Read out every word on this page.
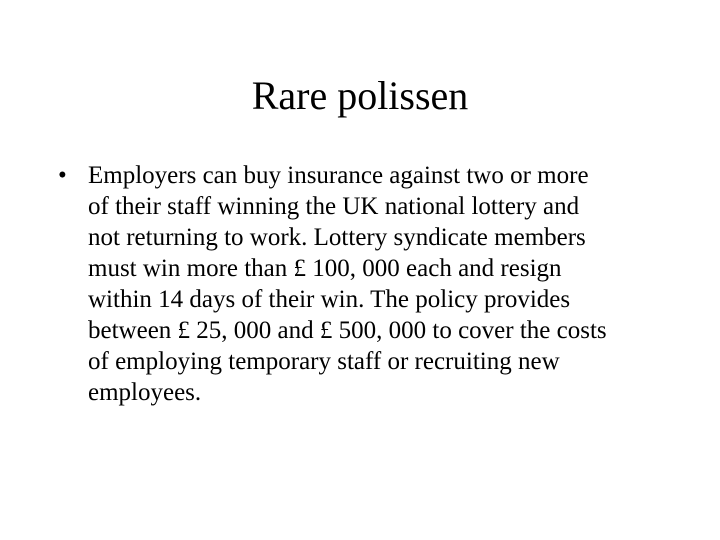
Rare polissen
• Employers can buy insurance against two or more
of their staff winning the UK national lottery and
not returning to work. Lottery syndicate members
must win more than £ 100, 000 each and resign
within 14 days of their win. The policy provides
between £ 25, 000 and £ 500, 000 to cover the costs
of employing temporary staff or recruiting new
employees.
